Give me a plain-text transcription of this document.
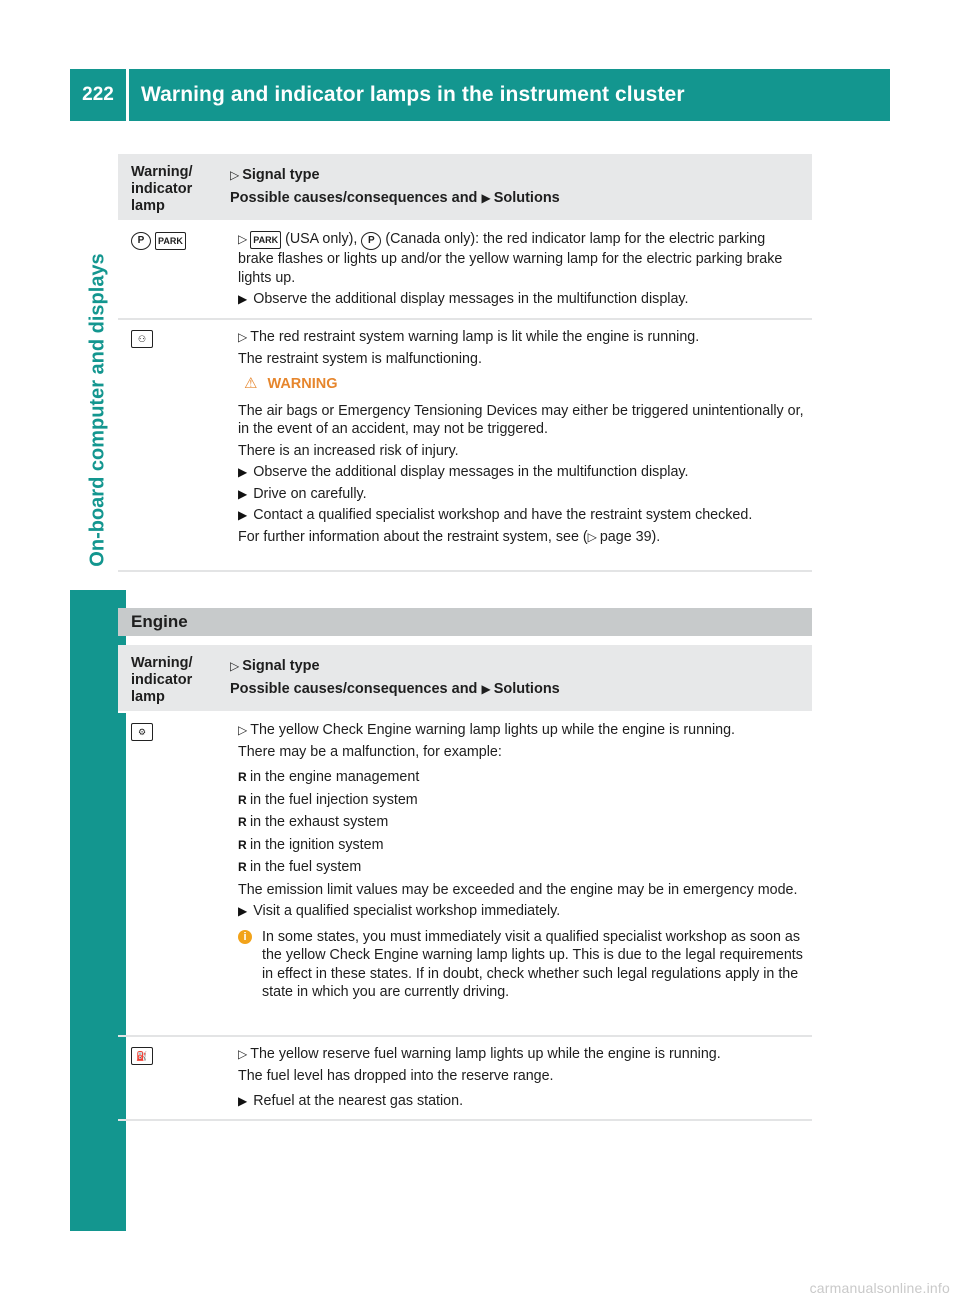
222	Warning and indicator lamps in the instrument cluster
On-board computer and displays
Warning/ indicator lamp
▷ Signal type
Possible causes/consequences and ▶ Solutions
P	PARK	▷ PARK (USA only), P (Canada only): the red indicator lamp for the electric parking brake flashes or lights up and/or the yellow warning lamp for the electric parking brake lights up.

▶ Observe the additional display messages in the multifunction display.

⚇	▷ The red restraint system warning lamp is lit while the engine is running.

The restraint system is malfunctioning.

⚠ WARNING

The air bags or Emergency Tensioning Devices may either be triggered unintentionally or, in the event of an accident, may not be triggered.

There is an increased risk of injury.

▶ Observe the additional display messages in the multifunction display.

▶ Drive on carefully.

▶ Contact a qualified specialist workshop and have the restraint system checked.

For further information about the restraint system, see (▷ page 39).

Engine
Warning/ indicator lamp
▷ Signal type
Possible causes/consequences and ▶ Solutions
⚙	▷ The yellow Check Engine warning lamp lights up while the engine is running.

There may be a malfunction, for example:

R in the engine management
R in the fuel injection system
R in the exhaust system
R in the ignition system
R in the fuel system

The emission limit values may be exceeded and the engine may be in emergency mode.

▶ Visit a qualified specialist workshop immediately.

i	In some states, you must immediately visit a qualified specialist workshop as soon as the yellow Check Engine warning lamp lights up. This is due to the legal requirements in effect in these states. If in doubt, check whether such legal regulations apply in the state in which you are currently driving.
⛽	▷ The yellow reserve fuel warning lamp lights up while the engine is running.

The fuel level has dropped into the reserve range.

▶ Refuel at the nearest gas station.

carmanualsonline.info
